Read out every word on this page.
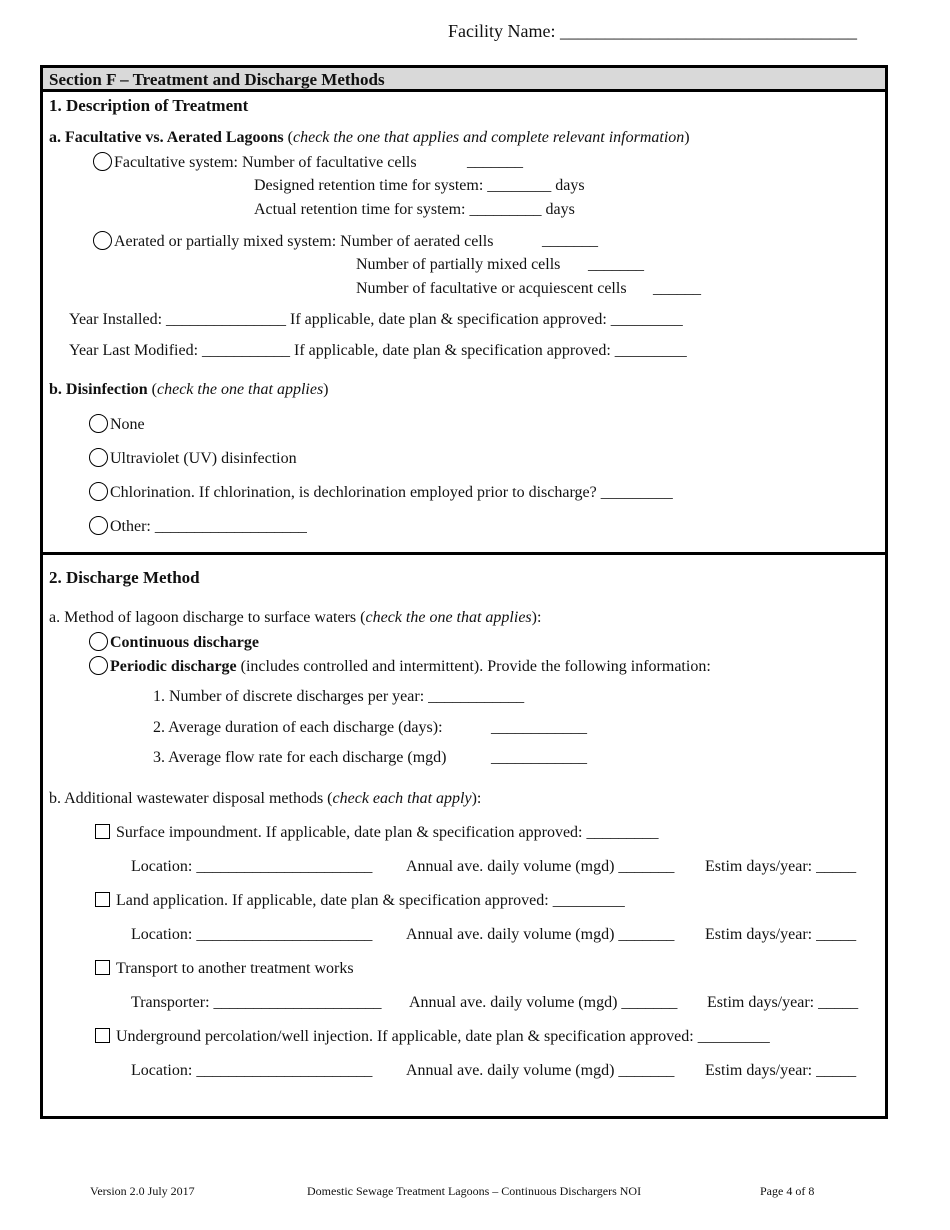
Facility Name: _________________________________
Section F – Treatment and Discharge Methods
1. Description of Treatment
a. Facultative vs. Aerated Lagoons (check the one that applies and complete relevant information)
Facultative system: Number of facultative cells	_______
Designed retention time for system: ________ days
Actual retention time for system: _________ days
Aerated or partially mixed system: Number of aerated cells	_______
Number of partially mixed cells _______
Number of facultative or acquiescent cells ______
Year Installed: _______________ If applicable, date plan & specification approved: _________
Year Last Modified: ___________ If applicable, date plan & specification approved: _________
b. Disinfection (check the one that applies)
None
Ultraviolet (UV) disinfection
Chlorination. If chlorination, is dechlorination employed prior to discharge? _________
Other: ___________________
2. Discharge Method
a. Method of lagoon discharge to surface waters (check the one that applies):
Continuous discharge
Periodic discharge (includes controlled and intermittent). Provide the following information:
1. Number of discrete discharges per year: ____________
2. Average duration of each discharge (days):	____________
3. Average flow rate for each discharge (mgd)	____________
b. Additional wastewater disposal methods (check each that apply):
Surface impoundment. If applicable, date plan & specification approved: _________
Location: ______________________ Annual ave. daily volume (mgd) _______ Estim days/year: _____
Land application. If applicable, date plan & specification approved: _________
Location: ______________________ Annual ave. daily volume (mgd) _______ Estim days/year: _____
Transport to another treatment works
Transporter: _____________________ Annual ave. daily volume (mgd) _______ Estim days/year: _____
Underground percolation/well injection. If applicable, date plan & specification approved: _________
Location: ______________________ Annual ave. daily volume (mgd) _______ Estim days/year: _____
Version 2.0 July 2017	Domestic Sewage Treatment Lagoons – Continuous Dischargers NOI	Page 4 of 8
